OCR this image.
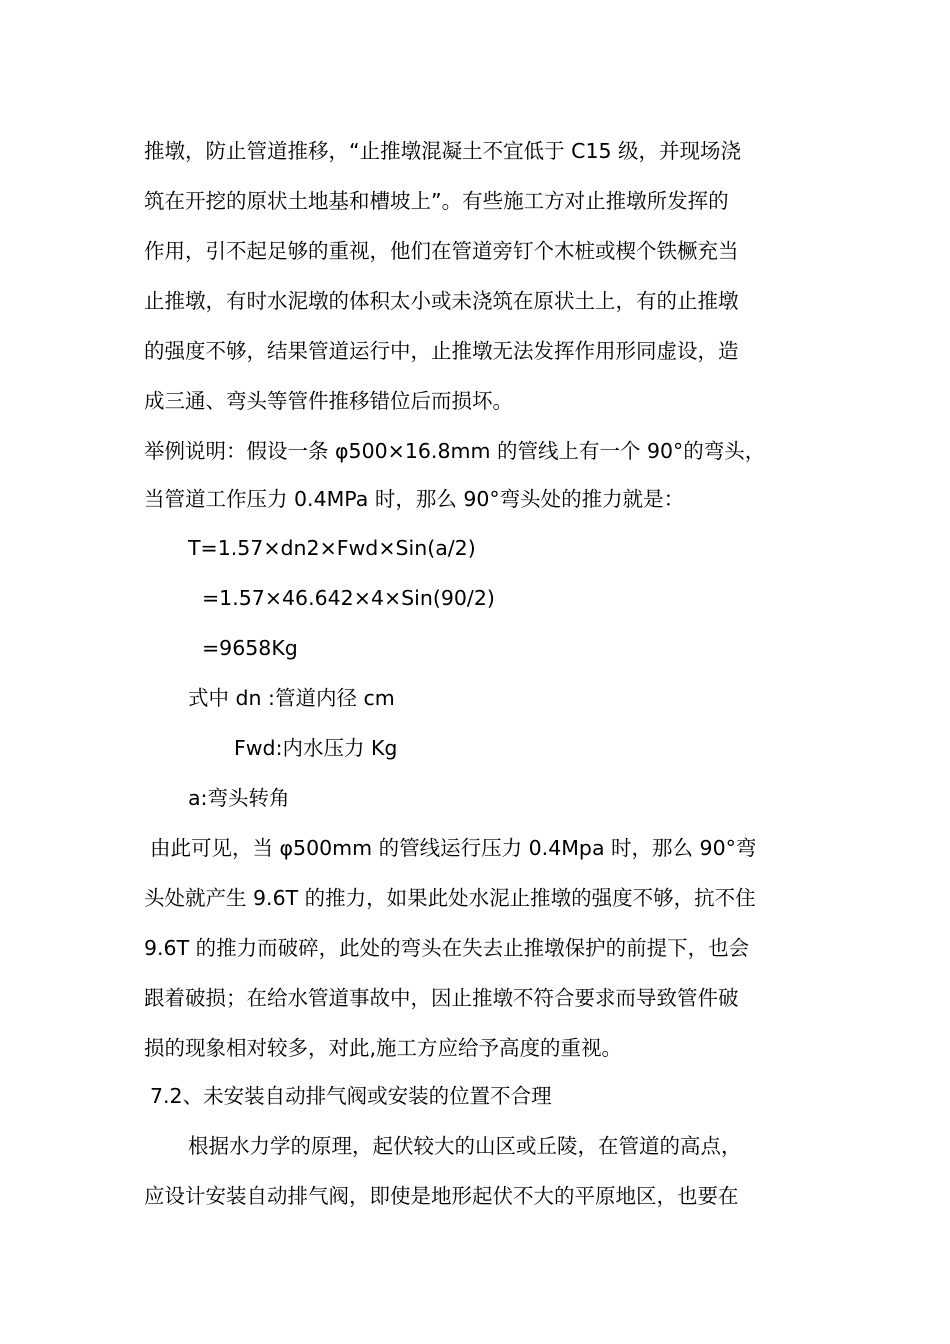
推墩，防止管道推移，“止推墩混凝土不宜低于 C15 级，并现场浇
筑在开挖的原状土地基和槽坡上”。有些施工方对止推墩所发挥的
作用，引不起足够的重视，他们在管道旁钉个木桩或楔个铁橛充当
止推墩，有时水泥墩的体积太小或未浇筑在原状土上，有的止推墩
的强度不够，结果管道运行中，止推墩无法发挥作用形同虚设，造
成三通、弯头等管件推移错位后而损坏。
举例说明：假设一条 φ500×16.8mm 的管线上有一个 90°的弯头，
当管道工作压力 0.4MPa 时，那么 90°弯头处的推力就是：
T=1.57×dn2×Fwd×Sin(a/2)
=1.57×46.642×4×Sin(90/2)
=9658Kg
式中 dn :管道内径 cm
Fwd:内水压力 Kg
a:弯头转角
由此可见，当 φ500mm 的管线运行压力 0.4Mpa 时，那么 90°弯
头处就产生 9.6T 的推力，如果此处水泥止推墩的强度不够，抗不住
9.6T 的推力而破碎，此处的弯头在失去止推墩保护的前提下，也会
跟着破损；在给水管道事故中，因止推墩不符合要求而导致管件破
损的现象相对较多，对此,施工方应给予高度的重视。
7.2、未安装自动排气阀或安装的位置不合理
根据水力学的原理，起伏较大的山区或丘陵，在管道的高点，
应设计安装自动排气阀，即使是地形起伏不大的平原地区，也要在
